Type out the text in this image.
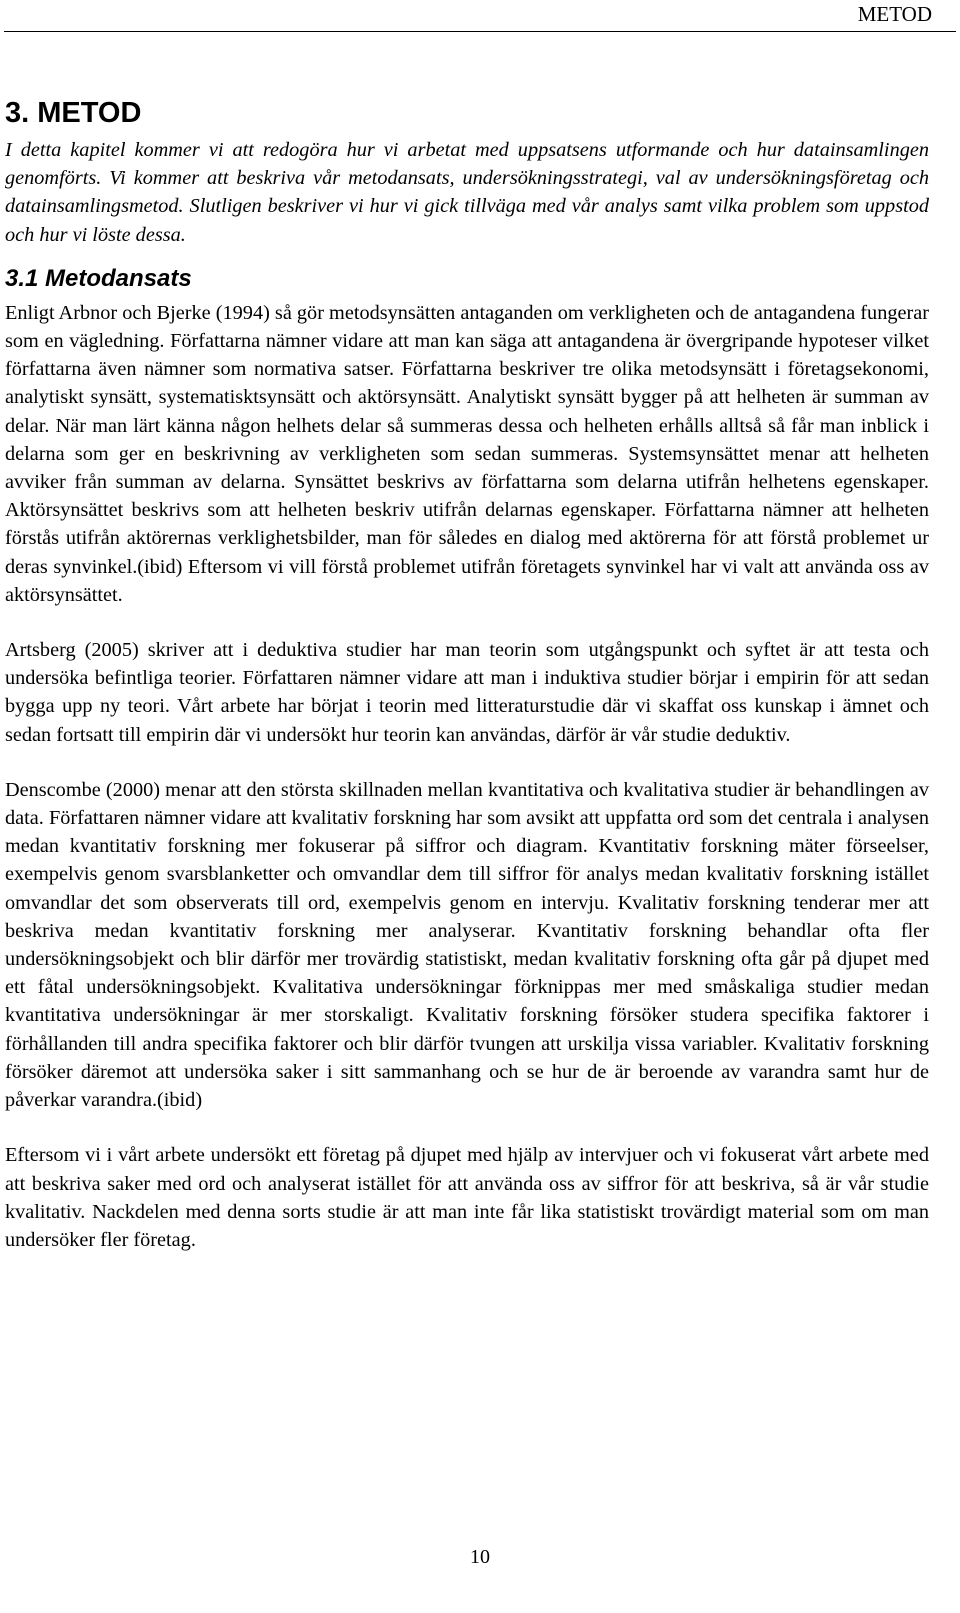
METOD
3. METOD

I detta kapitel kommer vi att redogöra hur vi arbetat med uppsatsens utformande och hur datainsamlingen genomförts. Vi kommer att beskriva vår metodansats, undersökningsstrategi, val av undersökningsföretag och datainsamlingsmetod. Slutligen beskriver vi hur vi gick tillväga med vår analys samt vilka problem som uppstod och hur vi löste dessa.

3.1 Metodansats

Enligt Arbnor och Bjerke (1994) så gör metodsynsätten antaganden om verkligheten och de antagandena fungerar som en vägledning. Författarna nämner vidare att man kan säga att antagandena är övergripande hypoteser vilket författarna även nämner som normativa satser. Författarna beskriver tre olika metodsynsätt i företagsekonomi, analytiskt synsätt, systematisktsynsätt och aktörsynsätt. Analytiskt synsätt bygger på att helheten är summan av delar. När man lärt känna någon helhets delar så summeras dessa och helheten erhålls alltså så får man inblick i delarna som ger en beskrivning av verkligheten som sedan summeras. Systemsynsättet menar att helheten avviker från summan av delarna. Synsättet beskrivs av författarna som delarna utifrån helhetens egenskaper. Aktörsynsättet beskrivs som att helheten beskriv utifrån delarnas egenskaper. Författarna nämner att helheten förstås utifrån aktörernas verklighetsbilder, man för således en dialog med aktörerna för att förstå problemet ur deras synvinkel.(ibid) Eftersom vi vill förstå problemet utifrån företagets synvinkel har vi valt att använda oss av aktörsynsättet.

Artsberg (2005) skriver att i deduktiva studier har man teorin som utgångspunkt och syftet är att testa och undersöka befintliga teorier. Författaren nämner vidare att man i induktiva studier börjar i empirin för att sedan bygga upp ny teori. Vårt arbete har börjat i teorin med litteraturstudie där vi skaffat oss kunskap i ämnet och sedan fortsatt till empirin där vi undersökt hur teorin kan användas, därför är vår studie deduktiv.

Denscombe (2000) menar att den största skillnaden mellan kvantitativa och kvalitativa studier är behandlingen av data. Författaren nämner vidare att kvalitativ forskning har som avsikt att uppfatta ord som det centrala i analysen medan kvantitativ forskning mer fokuserar på siffror och diagram. Kvantitativ forskning mäter förseelser, exempelvis genom svarsblanketter och omvandlar dem till siffror för analys medan kvalitativ forskning istället omvandlar det som observerats till ord, exempelvis genom en intervju. Kvalitativ forskning tenderar mer att beskriva medan kvantitativ forskning mer analyserar. Kvantitativ forskning behandlar ofta fler undersökningsobjekt och blir därför mer trovärdig statistiskt, medan kvalitativ forskning ofta går på djupet med ett fåtal undersökningsobjekt. Kvalitativa undersökningar förknippas mer med småskaliga studier medan kvantitativa undersökningar är mer storskaligt. Kvalitativ forskning försöker studera specifika faktorer i förhållanden till andra specifika faktorer och blir därför tvungen att urskilja vissa variabler. Kvalitativ forskning försöker däremot att undersöka saker i sitt sammanhang och se hur de är beroende av varandra samt hur de påverkar varandra.(ibid)

Eftersom vi i vårt arbete undersökt ett företag på djupet med hjälp av intervjuer och vi fokuserat vårt arbete med att beskriva saker med ord och analyserat istället för att använda oss av siffror för att beskriva, så är vår studie kvalitativ. Nackdelen med denna sorts studie är att man inte får lika statistiskt trovärdigt material som om man undersöker fler företag.

10
